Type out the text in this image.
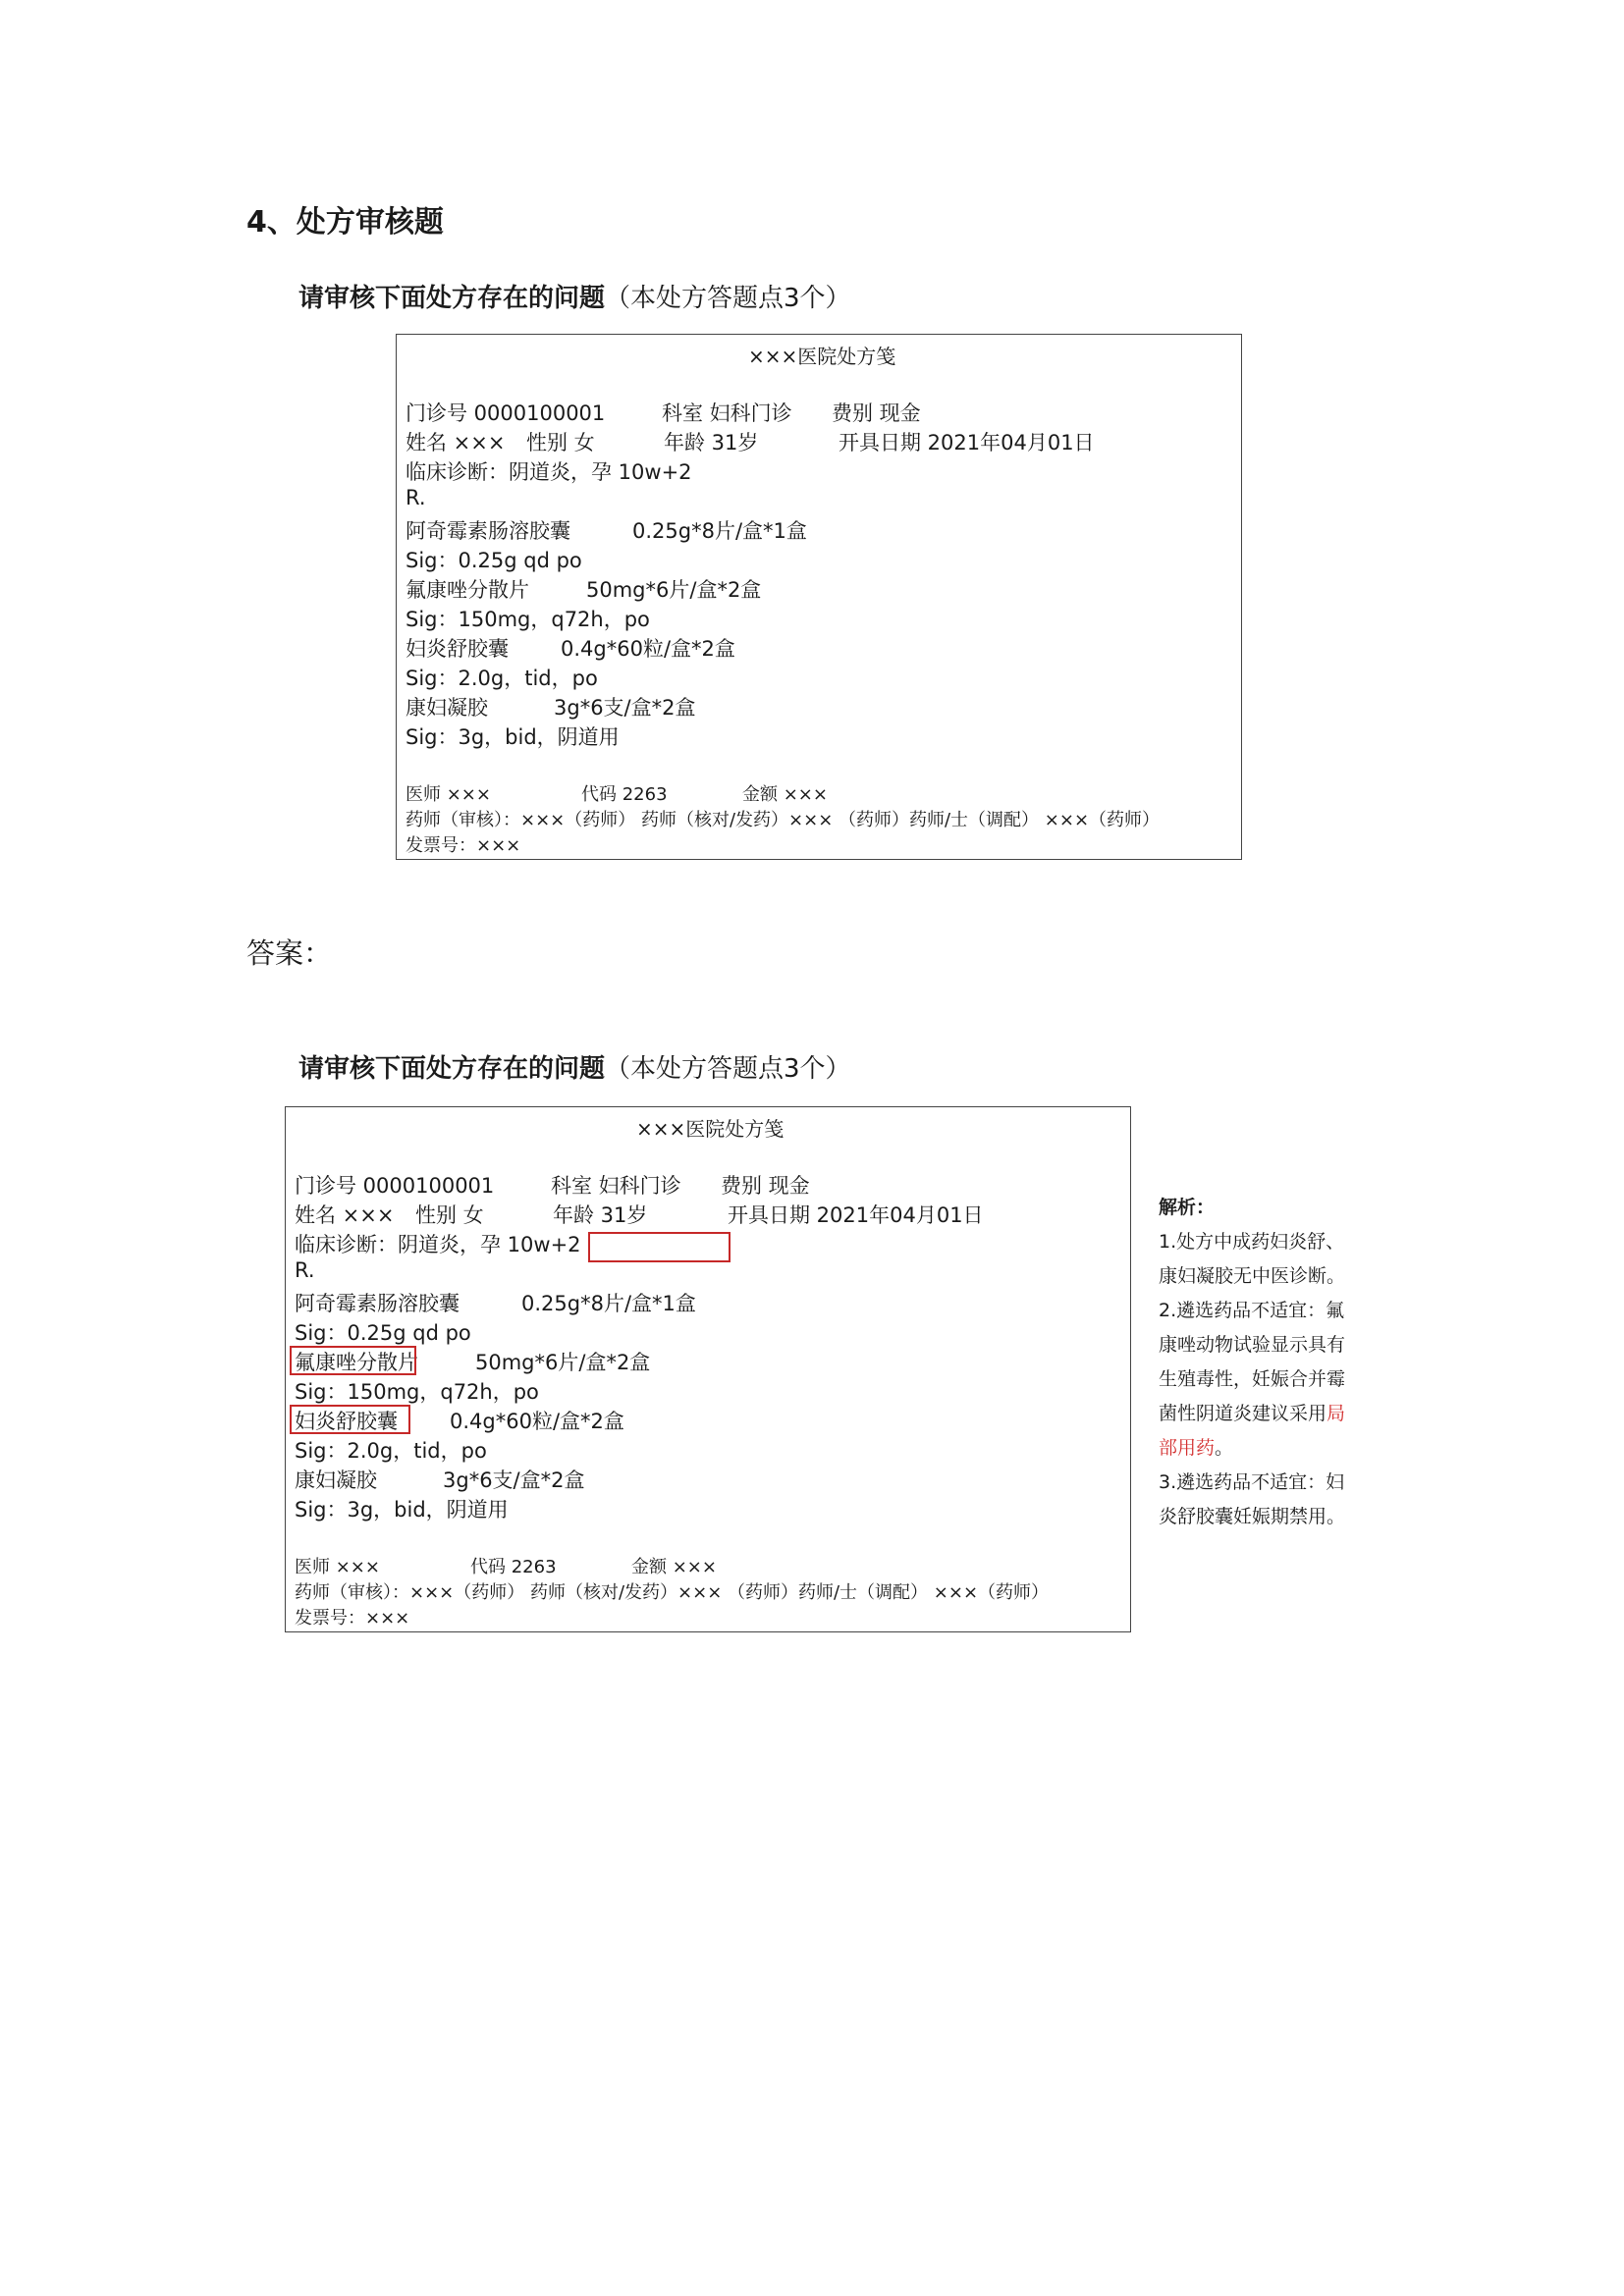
4、处方审核题
请审核下面处方存在的问题（本处方答题点3个）
×××医院处方笺
门诊号 0000100001	科室 妇科门诊 费别 现金
姓名 ××× 性别 女	年龄 31岁	开具日期 2021年04月01日
临床诊断：阴道炎，孕 10w+2
R.
阿奇霉素肠溶胶囊	0.25g*8片/盒*1盒
Sig：0.25g qd po
氟康唑分散片	50mg*6片/盒*2盒
Sig：150mg，q72h，po
妇炎舒胶囊	0.4g*60粒/盒*2盒
Sig：2.0g，tid，po
康妇凝胶	3g*6支/盒*2盒
Sig：3g，bid，阴道用
医师 ×××	代码 2263	金额 ×××
药师（审核）：×××（药师） 药师（核对/发药）××× （药师）药师/士（调配） ×××（药师）
发票号：×××
答案：
请审核下面处方存在的问题（本处方答题点3个）
×××医院处方笺
门诊号 0000100001	科室 妇科门诊 费别 现金
姓名 ××× 性别 女	年龄 31岁	开具日期 2021年04月01日
临床诊断：阴道炎，孕 10w+2
R.
阿奇霉素肠溶胶囊	0.25g*8片/盒*1盒
Sig：0.25g qd po
氟康唑分散片	50mg*6片/盒*2盒
Sig：150mg，q72h，po
妇炎舒胶囊	0.4g*60粒/盒*2盒
Sig：2.0g，tid，po
康妇凝胶	3g*6支/盒*2盒
Sig：3g，bid，阴道用
医师 ×××	代码 2263	金额 ×××
药师（审核）：×××（药师） 药师（核对/发药）××× （药师）药师/士（调配） ×××（药师）
发票号：×××
解析：
1.处方中成药妇炎舒、
康妇凝胶无中医诊断。
2.遴选药品不适宜：氟
康唑动物试验显示具有
生殖毒性，妊娠合并霉
菌性阴道炎建议采用局
部用药。
3.遴选药品不适宜：妇
炎舒胶囊妊娠期禁用。
